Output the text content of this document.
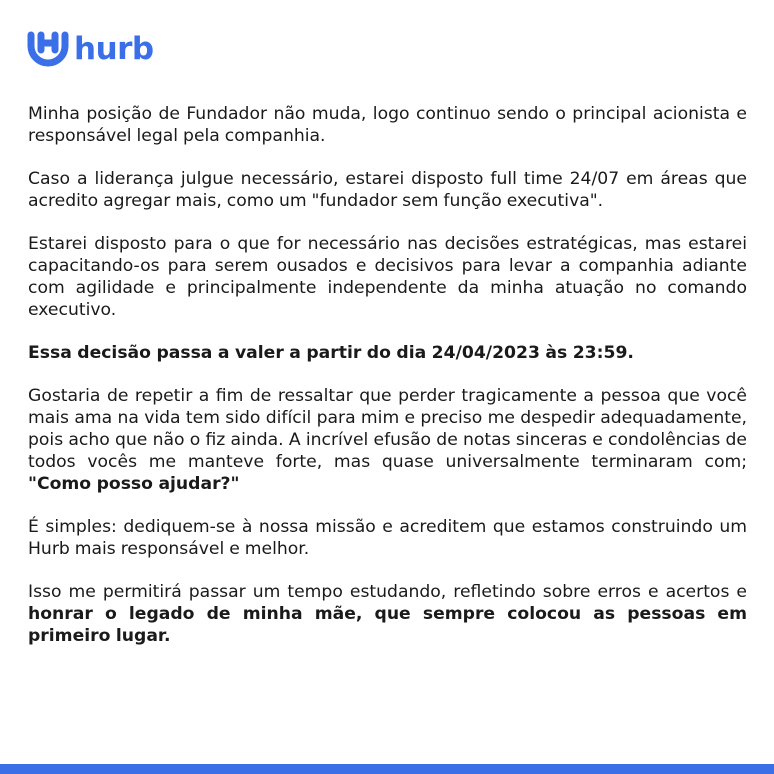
hurb

Minha posição de Fundador não muda, logo continuo sendo o principal acionista e responsável legal pela companhia.

Caso a liderança julgue necessário, estarei disposto full time 24/07 em áreas que acredito agregar mais, como um "fundador sem função executiva".

Estarei disposto para o que for necessário nas decisões estratégicas, mas estarei capacitando-os para serem ousados e decisivos para levar a companhia adiante com agilidade e principalmente independente da minha atuação no comando executivo.

Essa decisão passa a valer a partir do dia 24/04/2023 às 23:59.

Gostaria de repetir a fim de ressaltar que perder tragicamente a pessoa que você mais ama na vida tem sido difícil para mim e preciso me despedir adequadamente, pois acho que não o fiz ainda. A incrível efusão de notas sinceras e condolências de todos vocês me manteve forte, mas quase universalmente terminaram com; "Como posso ajudar?"

É simples: dediquem-se à nossa missão e acreditem que estamos construindo um Hurb mais responsável e melhor.

Isso me permitirá passar um tempo estudando, refletindo sobre erros e acertos e honrar o legado de minha mãe, que sempre colocou as pessoas em primeiro lugar.
